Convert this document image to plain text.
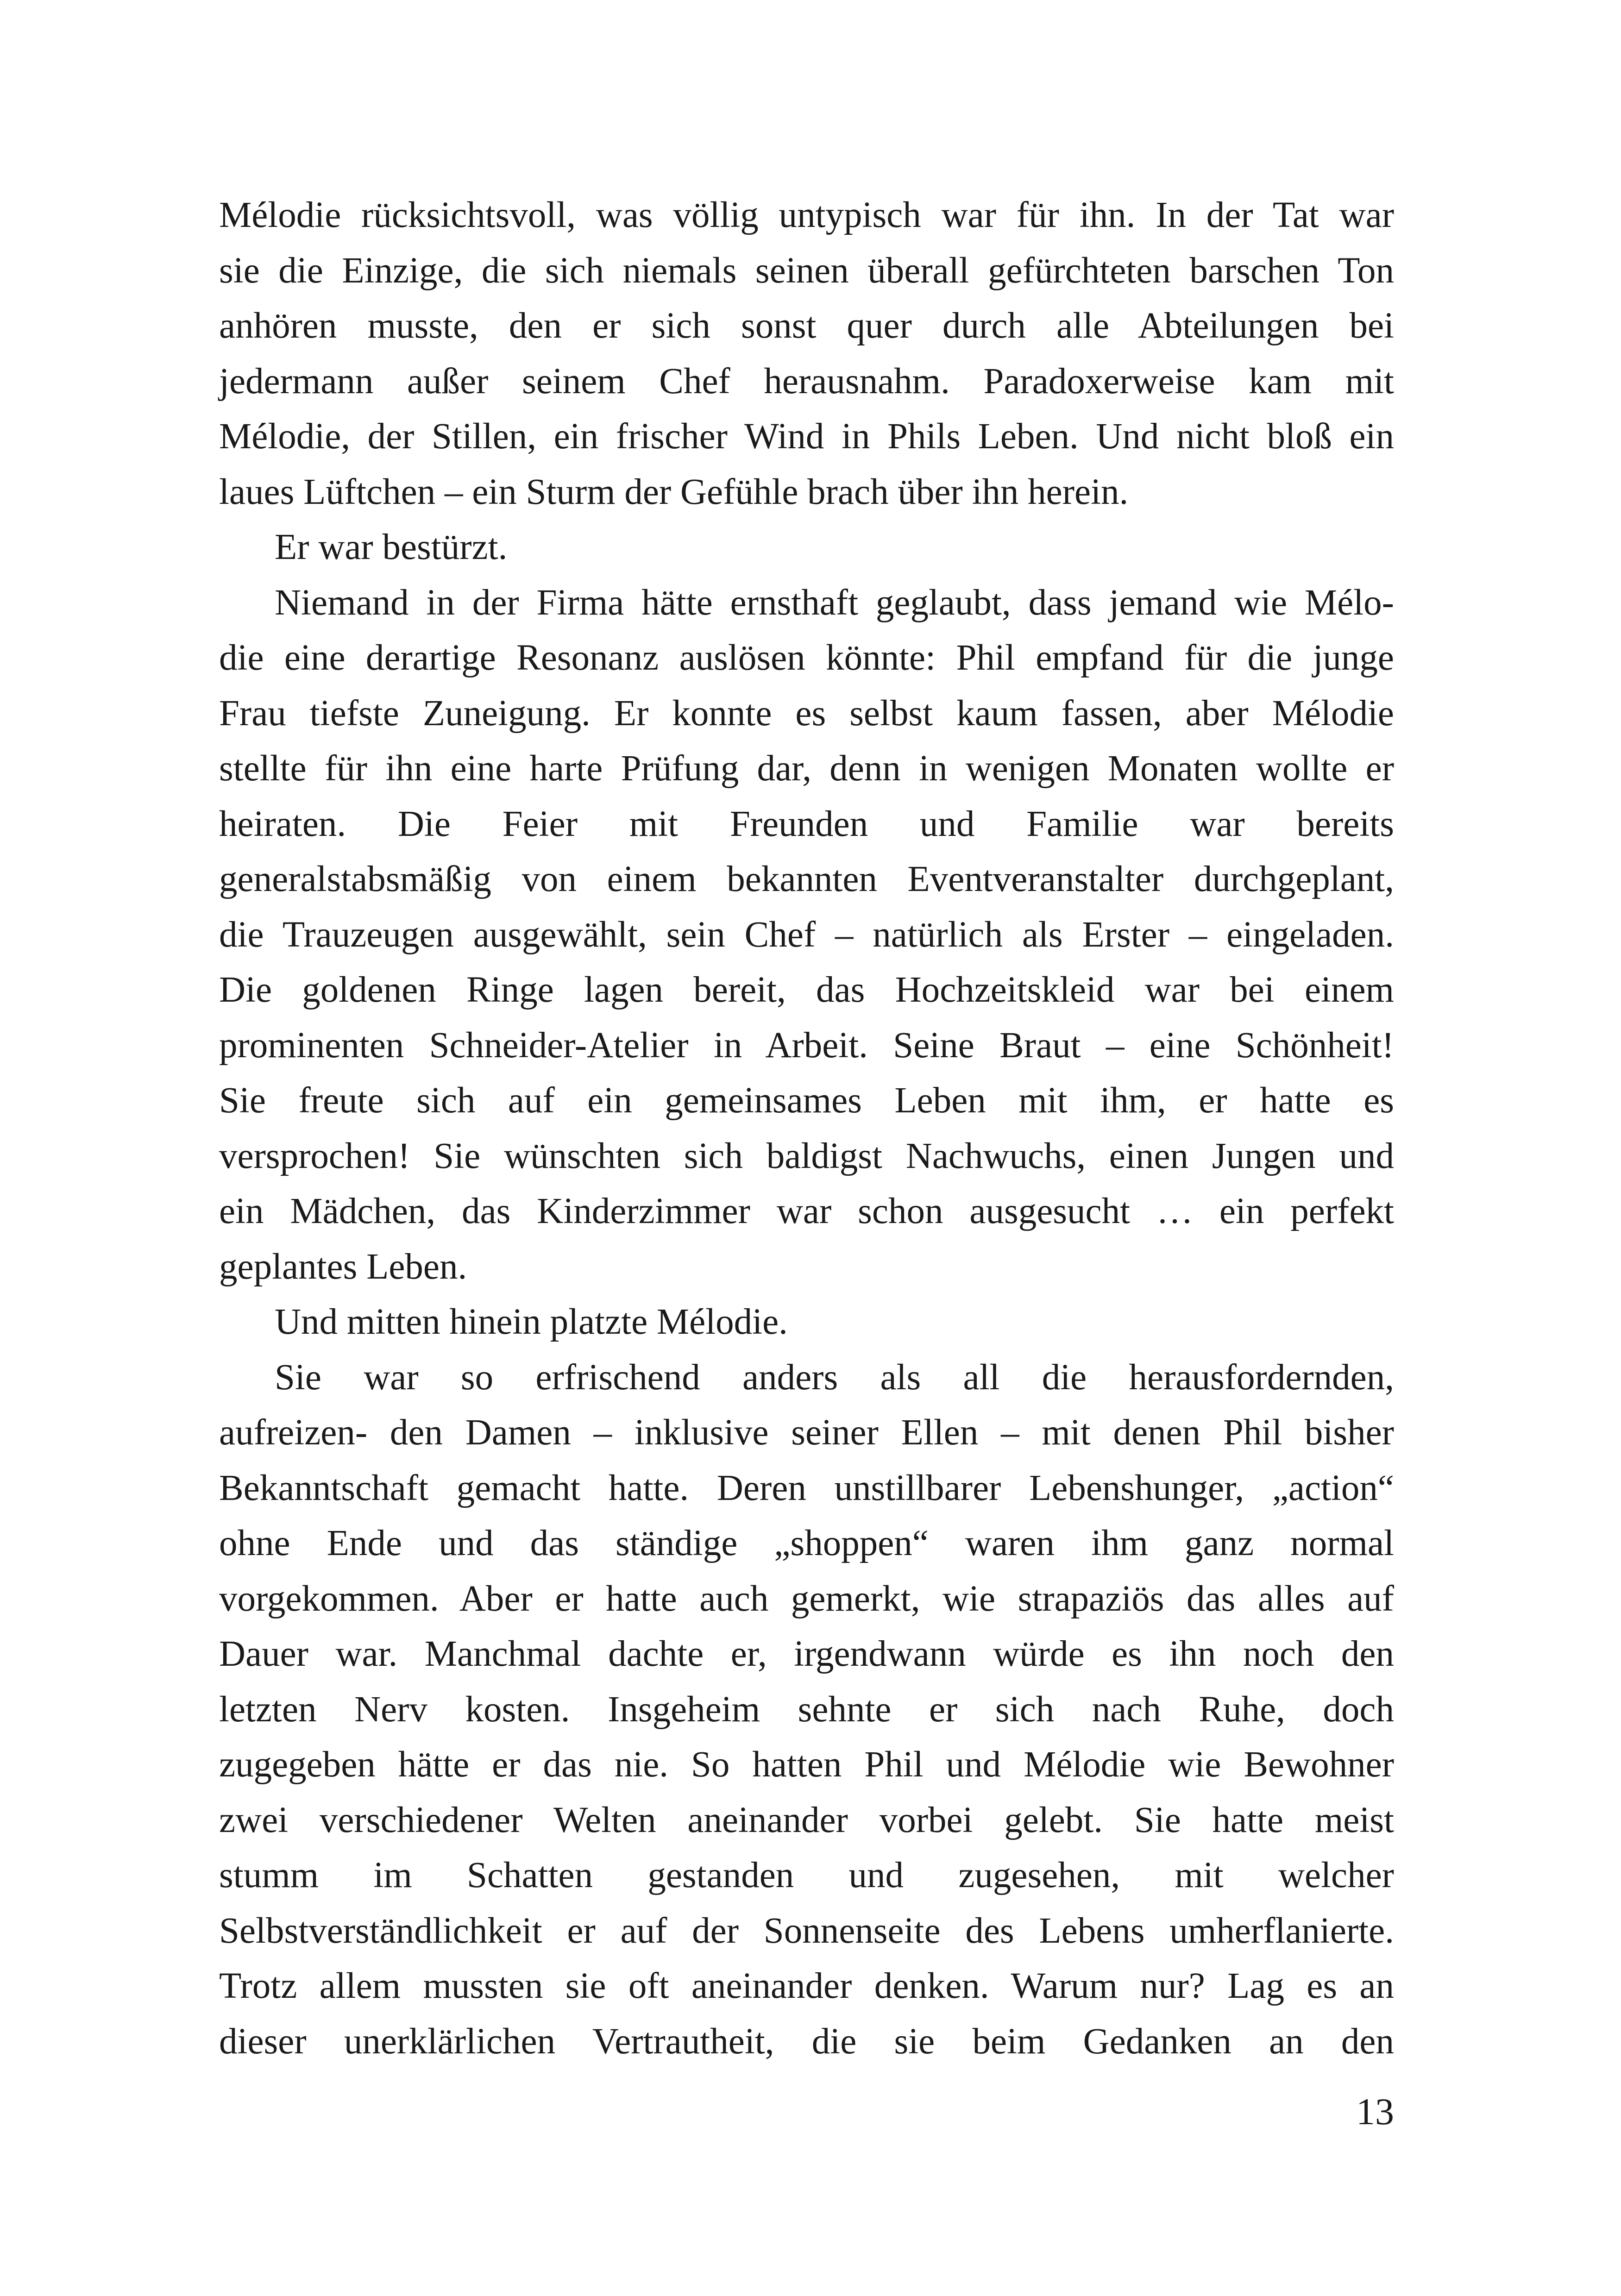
Mélodie rücksichtsvoll, was völlig untypisch war für ihn. In der Tat war
sie die Einzige, die sich niemals seinen überall gefürchteten barschen Ton
anhören musste, den er sich sonst quer durch alle Abteilungen bei
jedermann außer seinem Chef herausnahm. Paradoxerweise kam mit
Mélodie, der Stillen, ein frischer Wind in Phils Leben. Und nicht bloß ein
laues Lüftchen – ein Sturm der Gefühle brach über ihn herein.
Er war bestürzt.
Niemand in der Firma hätte ernsthaft geglaubt, dass jemand wie Mélo-
die eine derartige Resonanz auslösen könnte: Phil empfand für die junge
Frau tiefste Zuneigung. Er konnte es selbst kaum fassen, aber Mélodie
stellte für ihn eine harte Prüfung dar, denn in wenigen Monaten wollte er
heiraten. Die Feier mit Freunden und Familie war bereits
generalstabsmäßig von einem bekannten Eventveranstalter durchgeplant,
die Trauzeugen ausgewählt, sein Chef – natürlich als Erster – eingeladen.
Die goldenen Ringe lagen bereit, das Hochzeitskleid war bei einem
prominenten Schneider-Atelier in Arbeit. Seine Braut – eine Schönheit!
Sie freute sich auf ein gemeinsames Leben mit ihm, er hatte es
versprochen! Sie wünschten sich baldigst Nachwuchs, einen Jungen und
ein Mädchen, das Kinderzimmer war schon ausgesucht … ein perfekt
geplantes Leben.
Und mitten hinein platzte Mélodie.
Sie war so erfrischend anders als all die herausfordernden,
aufreizen- den Damen – inklusive seiner Ellen – mit denen Phil bisher
Bekanntschaft gemacht hatte. Deren unstillbarer Lebenshunger, „action“
ohne Ende und das ständige „shoppen“ waren ihm ganz normal
vorgekommen. Aber er hatte auch gemerkt, wie strapaziös das alles auf
Dauer war. Manchmal dachte er, irgendwann würde es ihn noch den
letzten Nerv kosten. Insgeheim sehnte er sich nach Ruhe, doch
zugegeben hätte er das nie. So hatten Phil und Mélodie wie Bewohner
zwei verschiedener Welten aneinander vorbei gelebt. Sie hatte meist
stumm im Schatten gestanden und zugesehen, mit welcher
Selbstverständlichkeit er auf der Sonnenseite des Lebens umherflanierte.
Trotz allem mussten sie oft aneinander denken. Warum nur? Lag es an
dieser unerklärlichen Vertrautheit, die sie beim Gedanken an den
13
